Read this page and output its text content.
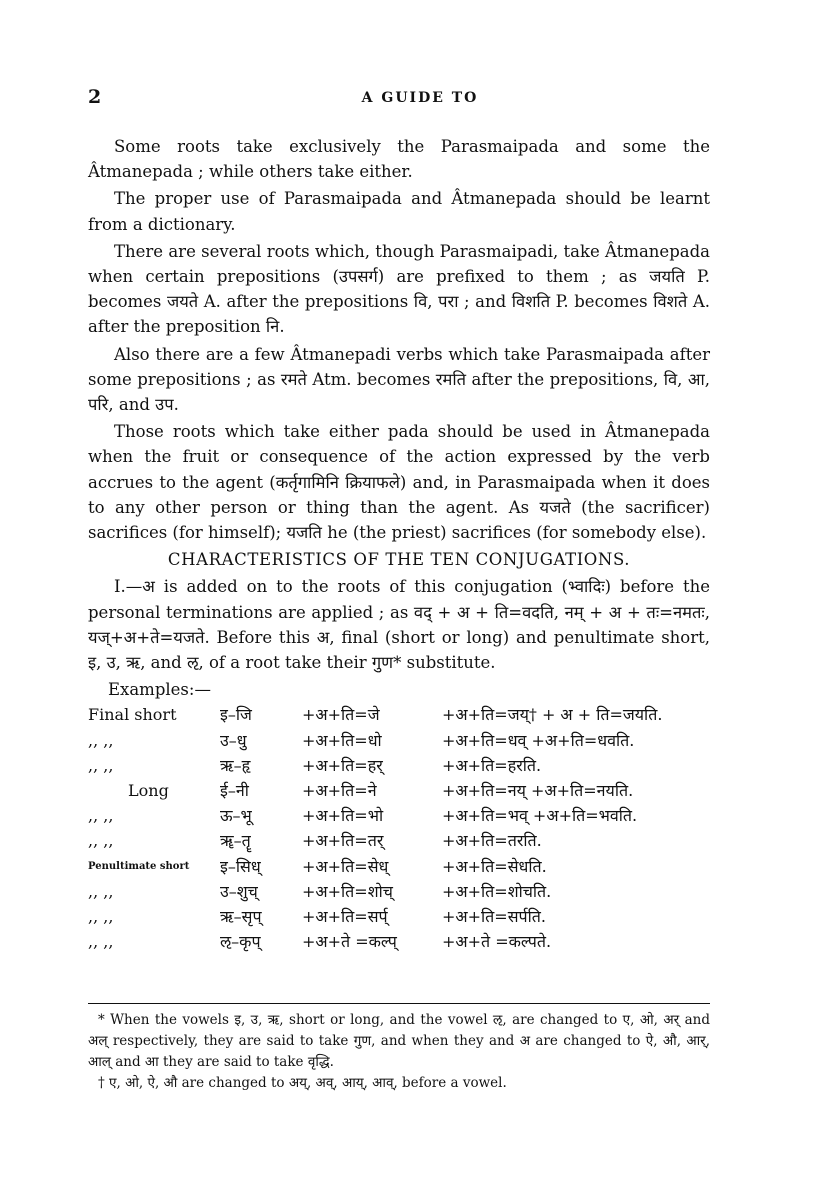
2	A GUIDE TO

Some roots take exclusively the Parasmaipada and some the Âtmanepada ; while others take either.

The proper use of Parasmaipada and Âtmanepada should be learnt from a dictionary.

There are several roots which, though Parasmaipadi, take Âtmanepada when certain prepositions (उपसर्ग) are prefixed to them ; as जयति P. becomes जयते A. after the prepositions वि, परा ; and विशति P. becomes विशते A. after the preposition नि.

Also there are a few Âtmanepadi verbs which take Parasmaipada after some prepositions ; as रमते Atm. becomes रमति after the prepositions, वि, आ, परि, and उप.

Those roots which take either pada should be used in Âtmanepada when the fruit or consequence of the action expressed by the verb accrues to the agent (कर्तृगामिनि क्रियाफले) and, in Parasmaipada when it does to any other person or thing than the agent. As यजते (the sacrificer) sacrifices (for himself); यजति he (the priest) sacrifices (for somebody else).

CHARACTERISTICS OF THE TEN CONJUGATIONS.

I.—अ is added on to the roots of this conjugation (भ्वादिः) before the personal terminations are applied ; as वद् + अ + ति=वदति, नम् + अ + तः=नमतः, यज्+अ+ते=यजते. Before this अ, final (short or long) and penultimate short, इ, उ, ऋ, and ऌ, of a root take their गुण* substitute.

Examples:—
Final short	इ–जि	+अ+ति=जे	+अ+ति=जय्† + अ + ति=जयति.
,, ,,	उ–धु	+अ+ति=धो	+अ+ति=धव् +अ+ति=धवति.
,, ,,	ऋ–हृ	+अ+ति=हर्	+अ+ति=हरति.
Long	ई–नी	+अ+ति=ने	+अ+ति=नय् +अ+ति=नयति.
,, ,,	ऊ–भू	+अ+ति=भो	+अ+ति=भव् +अ+ति=भवति.
,, ,,	ॠ–तॄ	+अ+ति=तर्	+अ+ति=तरति.
Penultimate short	इ–सिध्	+अ+ति=सेध्	+अ+ति=सेधति.
,, ,,	उ–शुच्	+अ+ति=शोच्	+अ+ति=शोचति.
,, ,,	ऋ–सृप्	+अ+ति=सर्प्	+अ+ति=सर्पति.
,, ,,	ऌ–कृप्	+अ+ते =कल्प्	+अ+ते =कल्पते.

* When the vowels इ, उ, ऋ, short or long, and the vowel ऌ, are changed to ए, ओ, अर् and अल् respectively, they are said to take गुण, and when they and अ are changed to ऐ, औ, आर्, आल् and आ they are said to take वृद्धि.

† ए, ओ, ऐ, औ are changed to अय्, अव्, आय्, आव्, before a vowel.
